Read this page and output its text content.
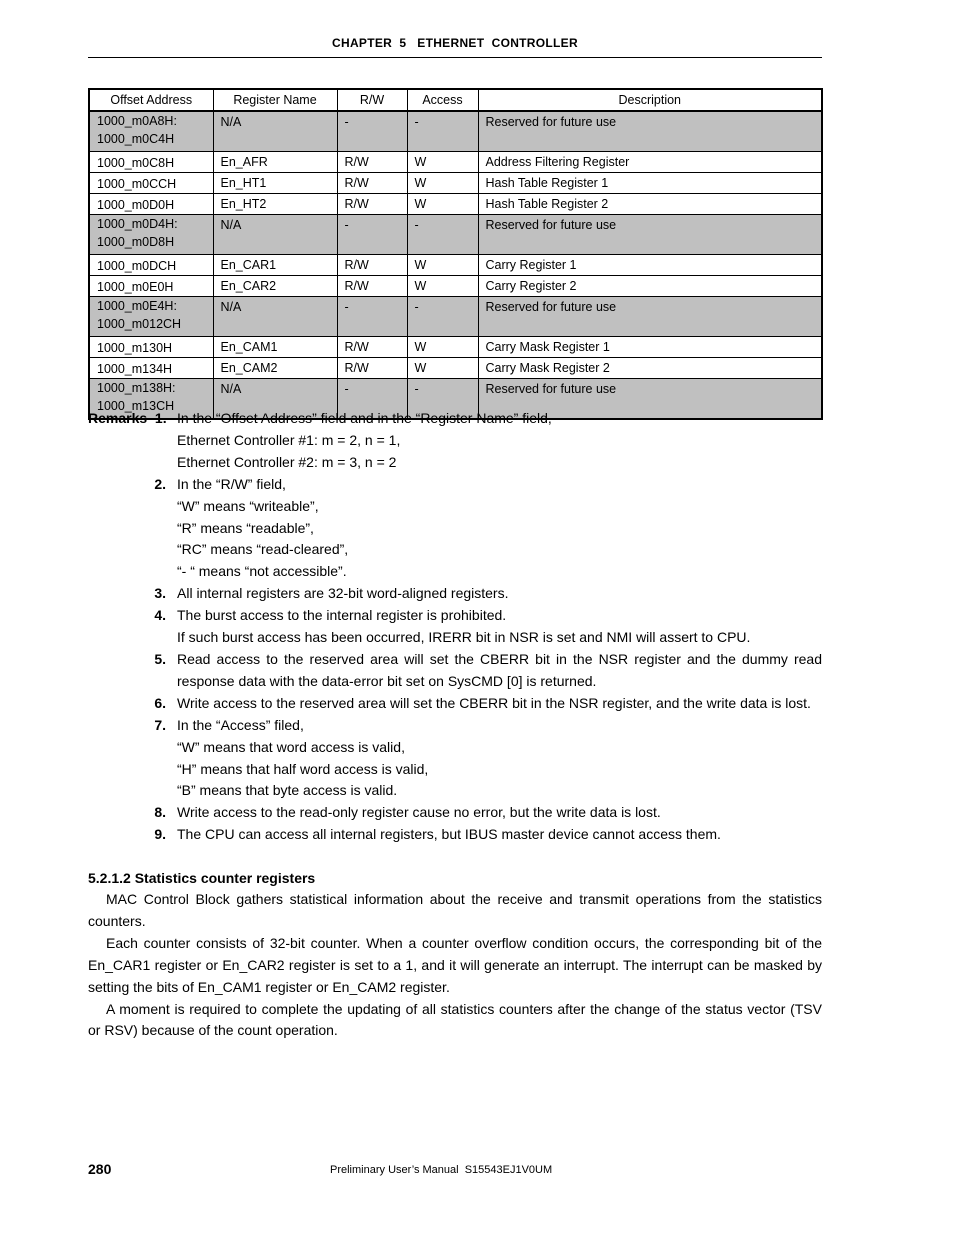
CHAPTER  5   ETHERNET  CONTROLLER
Offset Address	Register Name	R/W	Access	Description

1000_m0A8H:
1000_m0C4H	N/A	-	-	Reserved for future use

1000_m0C8H	En_AFR	R/W	W	Address Filtering Register

1000_m0CCH	En_HT1	R/W	W	Hash Table Register 1

1000_m0D0H	En_HT2	R/W	W	Hash Table Register 2

1000_m0D4H:
1000_m0D8H	N/A	-	-	Reserved for future use

1000_m0DCH	En_CAR1	R/W	W	Carry Register 1

1000_m0E0H	En_CAR2	R/W	W	Carry Register 2

1000_m0E4H:
1000_m012CH	N/A	-	-	Reserved for future use

1000_m130H	En_CAM1	R/W	W	Carry Mask Register 1

1000_m134H	En_CAM2	R/W	W	Carry Mask Register 2

1000_m138H:
1000_m13CH	N/A	-	-	Reserved for future use
Remarks  1. In the “Offset Address” field and in the “Register Name” field,
Ethernet Controller #1: m = 2, n = 1,
Ethernet Controller #2: m = 3, n = 2
2. In the “R/W” field,
“W” means “writeable”,
“R” means “readable”,
“RC” means “read-cleared”,
“- “ means “not accessible”.
3. All internal registers are 32-bit word-aligned registers.
4. The burst access to the internal register is prohibited.
If such burst access has been occurred, IRERR bit in NSR is set and NMI will assert to CPU.
5. Read access to the reserved area will set the CBERR bit in the NSR register and the dummy read response data with the data-error bit set on SysCMD [0] is returned.
6. Write access to the reserved area will set the CBERR bit in the NSR register, and the write data is lost.
7. In the “Access” filed,
“W” means that word access is valid,
“H” means that half word access is valid,
“B” means that byte access is valid.
8. Write access to the read-only register cause no error, but the write data is lost.
9. The CPU can access all internal registers, but IBUS master device cannot access them.
5.2.1.2 Statistics counter registers

MAC Control Block gathers statistical information about the receive and transmit operations from the statistics counters.

Each counter consists of 32-bit counter. When a counter overflow condition occurs, the corresponding bit of the En_CAR1 register or En_CAR2 register is set to a 1, and it will generate an interrupt. The interrupt can be masked by setting the bits of En_CAM1 register or En_CAM2 register.

A moment is required to complete the updating of all statistics counters after the change of the status vector (TSV or RSV) because of the count operation.

280	Preliminary User’s Manual  S15543EJ1V0UM
